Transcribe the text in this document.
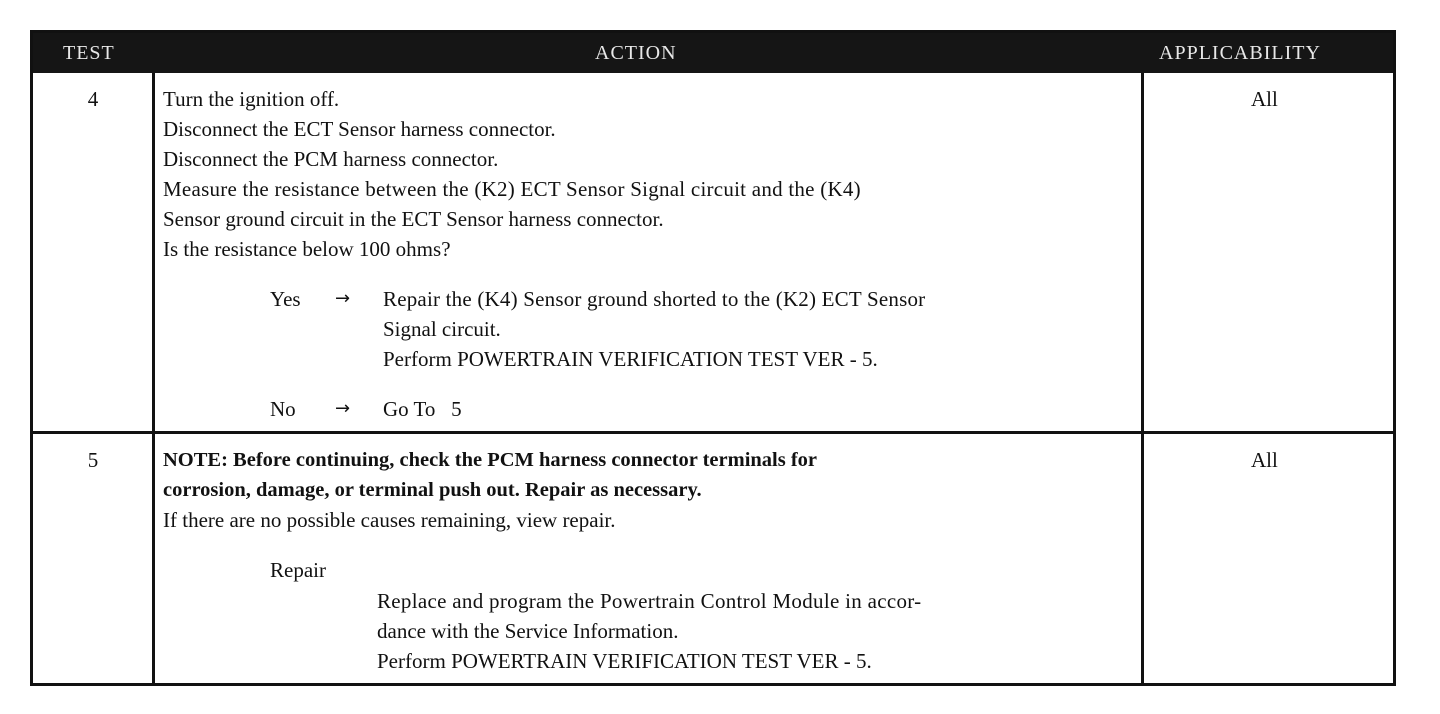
TEST	ACTION	APPLICABILITY
4	Turn the ignition off.
Disconnect the ECT Sensor harness connector.
Disconnect the PCM harness connector.
Measure the resistance between the (K2) ECT Sensor Signal circuit and the (K4)
Sensor ground circuit in the ECT Sensor harness connector.
Is the resistance below 100 ohms?
Yes → Repair the (K4) Sensor ground shorted to the (K2) ECT Sensor
Signal circuit.
Perform POWERTRAIN VERIFICATION TEST VER - 5.
No → Go To   5
All
5	NOTE: Before continuing, check the PCM harness connector terminals for
corrosion, damage, or terminal push out. Repair as necessary.
If there are no possible causes remaining, view repair.
Repair
Replace and program the Powertrain Control Module in accor-
dance with the Service Information.
Perform POWERTRAIN VERIFICATION TEST VER - 5.
All
